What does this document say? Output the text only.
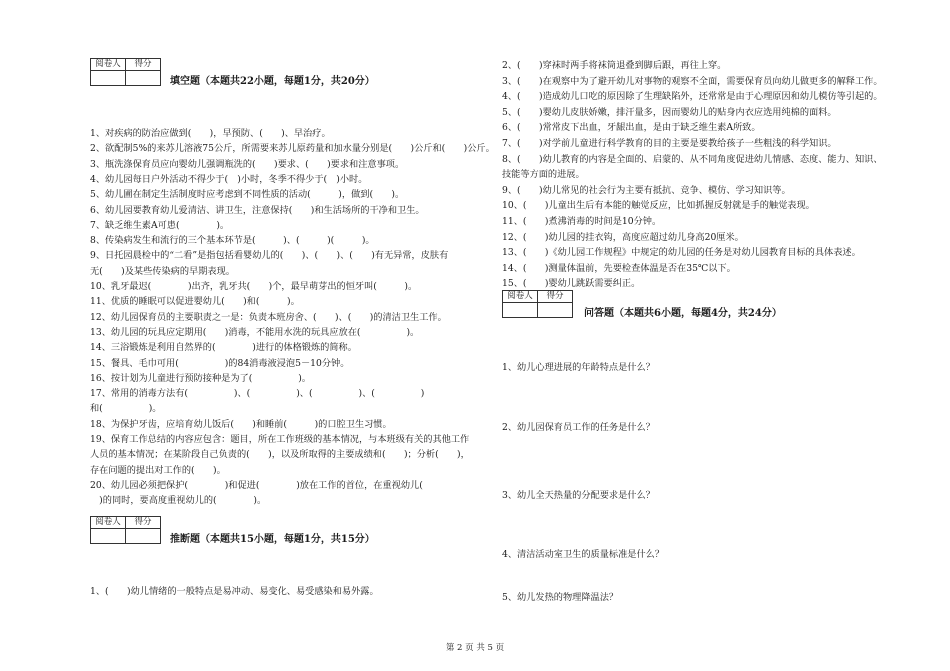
阅卷人	得分

填空题（本题共22小题，每题1分，共20分）
1、对疾病的防治应做到(　　)，早预防、(　　)、早治疗。
2、欲配制5%的来苏儿溶液75公斤，所需要来苏儿原药量和加水量分别是(　　)公斤和(　　)公斤。
3、瓶洗涤保育员应向婴幼儿强调瓶洗的(　　)要求、(　　)要求和注意事项。
4、幼儿园每日户外活动不得少于(　)小时，冬季不得少于(　)小时。
5、幼儿圃在制定生活制度时应考虑到不同性质的活动(　　　)，做到(　　)。
6、幼儿园要教育幼儿爱清洁、讲卫生，注意保持(　　)和生活场所的干净和卫生。
7、缺乏维生素A可患(　　　　)。
8、传染病发生和流行的三个基本环节是(　　　)、(　　　)(　　　)。
9、日托园晨检中的“二看”是指包括看婴幼儿的(　　)、(　　)、(　　)有无异常，皮肤有
无(　　)及某些传染病的早期表现。
10、乳牙最迟(　　　　)出齐，乳牙共(　　)个，最早萌芽出的恒牙叫(　　　)。
11、优质的睡眠可以促进婴幼儿(　　)和(　　　)。
12、幼儿园保育员的主要职责之一是：负责本班房舍、(　　)、(　　)的清洁卫生工作。
13、幼儿园的玩具应定期用(　　)消毒，不能用水洗的玩具应放在(　　　　　)。
14、三浴锻炼是利用自然界的(　　　　)进行的体格锻炼的简称。
15、餐具、毛巾可用(　　　　　)的84消毒液浸泡5－10分钟。
16、按计划为儿童进行预防接种是为了(　　　　　)。
17、常用的消毒方法有(　　　　　)、(　　　　　)、(　　　　　)、(　　　　　)
和(　　　　　)。
18、为保护牙齿，应培育幼儿饭后(　　)和睡前(　　　)的口腔卫生习惯。
19、保育工作总结的内容应包含：题目，所在工作班级的基本情况，与本班级有关的其他工作
人员的基本情况；在某阶段自己负责的(　　)，以及所取得的主要成绩和(　　)；分析(　　)，
存在问题的提出对工作的(　　)。
20、幼儿园必须把保护(　　　　)和促进(　　　　)放在工作的首位，在重视幼儿(
　)的同时，要高度重视幼儿的(　　　　)。
阅卷人	得分

推断题（本题共15小题，每题1分，共15分）
1、(　　)幼儿情绪的一般特点是易冲动、易变化、易受感染和易外露。
2、(　　)穿袜时两手将袜筒退叠到脚后跟，再往上穿。
3、(　　)在观察中为了避开幼儿对事物的观察不全面，需要保育员向幼儿做更多的解释工作。
4、(　　)造成幼儿口吃的原因除了生理缺陷外，还常常是由于心理原因和幼儿模仿等引起的。
5、(　　)婴幼儿皮肤娇嫩，排汗量多，因而婴幼儿的贴身内衣应选用纯棉的面料。
6、(　　)常常皮下出血，牙龈出血，是由于缺乏维生素A所致。
7、(　　)对学前儿童进行科学教育的目的主要是要教给孩子一些粗浅的科学知识。
8、(　　)幼儿教育的内容是全面的、启蒙的、从不同角度促进幼儿情感、态度、能力、知识、
技能等方面的进展。
9、(　　)幼儿常见的社会行为主要有抵抗、竞争、模仿、学习知识等。
10、(　　)儿童出生后有本能的触觉反应，比如抓握反射就是手的触觉表现。
11、(　　)煮沸消毒的时间是10分钟。
12、(　　)幼儿园的挂衣钩，高度应超过幼儿身高20厘米。
13、(　　)《幼儿园工作规程》中规定的幼儿园的任务是对幼儿园教育目标的具体表述。
14、(　　)测量体温前，先要检查体温是否在35℃以下。
15、(　　)婴幼儿跳跃需要纠正。
阅卷人	得分

问答题（本题共6小题，每题4分，共24分）
1、幼儿心理进展的年龄特点是什么？
2、幼儿园保育员工作的任务是什么？
3、幼儿全天热量的分配要求是什么？
4、清洁活动室卫生的质量标准是什么？
5、幼儿发热的物理降温法？
第 2 页 共 5 页
